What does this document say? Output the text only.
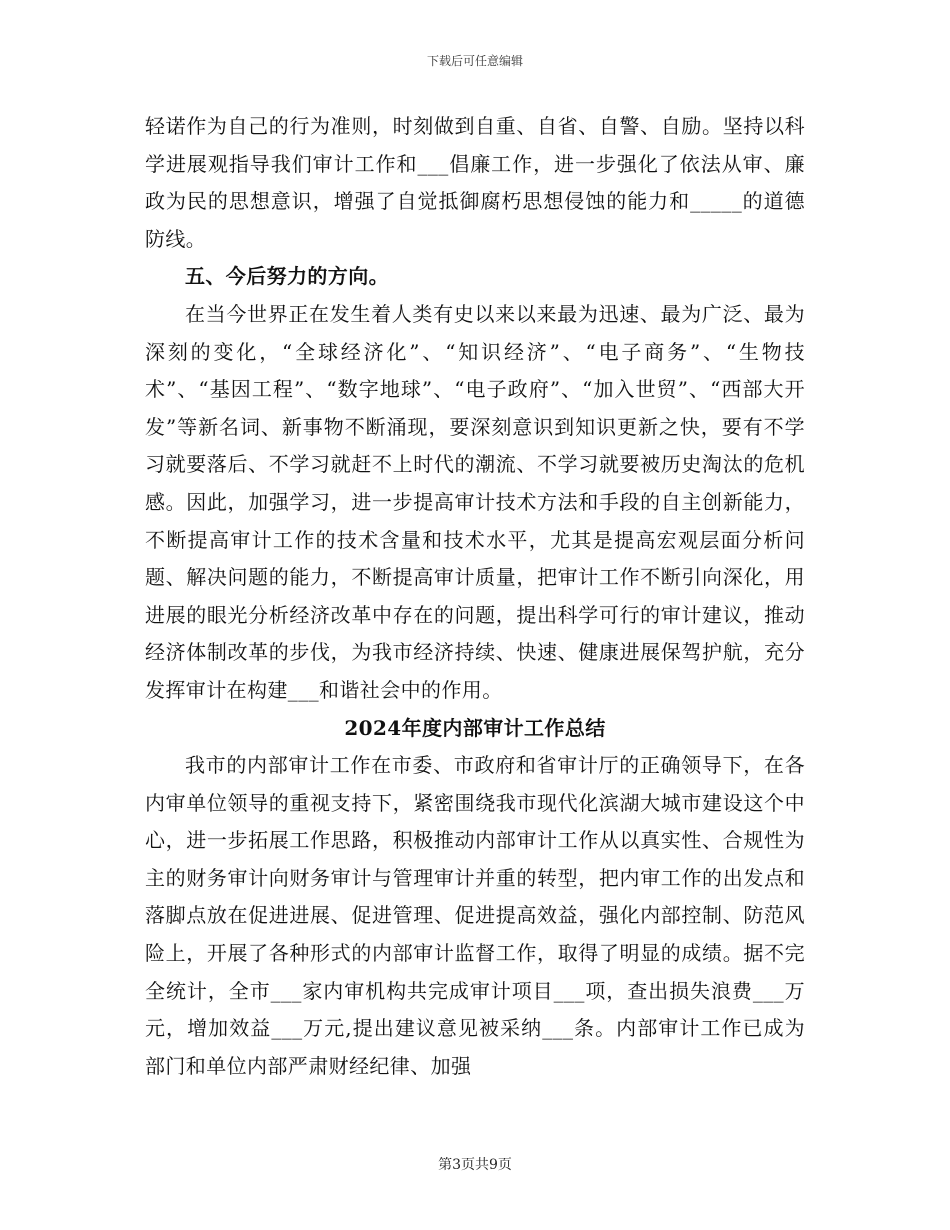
下载后可任意编辑

轻诺作为自己的行为准则，时刻做到自重、自省、自警、自励。坚持以科学进展观指导我们审计工作和___倡廉工作，进一步强化了依法从审、廉政为民的思想意识，增强了自觉抵御腐朽思想侵蚀的能力和_____的道德防线。

五、今后努力的方向。

在当今世界正在发生着人类有史以来以来最为迅速、最为广泛、最为深刻的变化，“全球经济化”、“知识经济”、“电子商务”、“生物技术”、“基因工程”、“数字地球”、“电子政府”、“加入世贸”、“西部大开发”等新名词、新事物不断涌现，要深刻意识到知识更新之快，要有不学习就要落后、不学习就赶不上时代的潮流、不学习就要被历史淘汰的危机感。因此，加强学习，进一步提高审计技术方法和手段的自主创新能力，不断提高审计工作的技术含量和技术水平，尤其是提高宏观层面分析问题、解决问题的能力，不断提高审计质量，把审计工作不断引向深化，用进展的眼光分析经济改革中存在的问题，提出科学可行的审计建议，推动经济体制改革的步伐，为我市经济持续、快速、健康进展保驾护航，充分发挥审计在构建___和谐社会中的作用。

2024年度内部审计工作总结

我市的内部审计工作在市委、市政府和省审计厅的正确领导下，在各内审单位领导的重视支持下，紧密围绕我市现代化滨湖大城市建设这个中心，进一步拓展工作思路，积极推动内部审计工作从以真实性、合规性为主的财务审计向财务审计与管理审计并重的转型，把内审工作的出发点和落脚点放在促进进展、促进管理、促进提高效益，强化内部控制、防范风险上，开展了各种形式的内部审计监督工作，取得了明显的成绩。据不完全统计，全市___家内审机构共完成审计项目___项，查出损失浪费___万元，增加效益___万元,提出建议意见被采纳___条。内部审计工作已成为部门和单位内部严肃财经纪律、加强

第3页共9页
